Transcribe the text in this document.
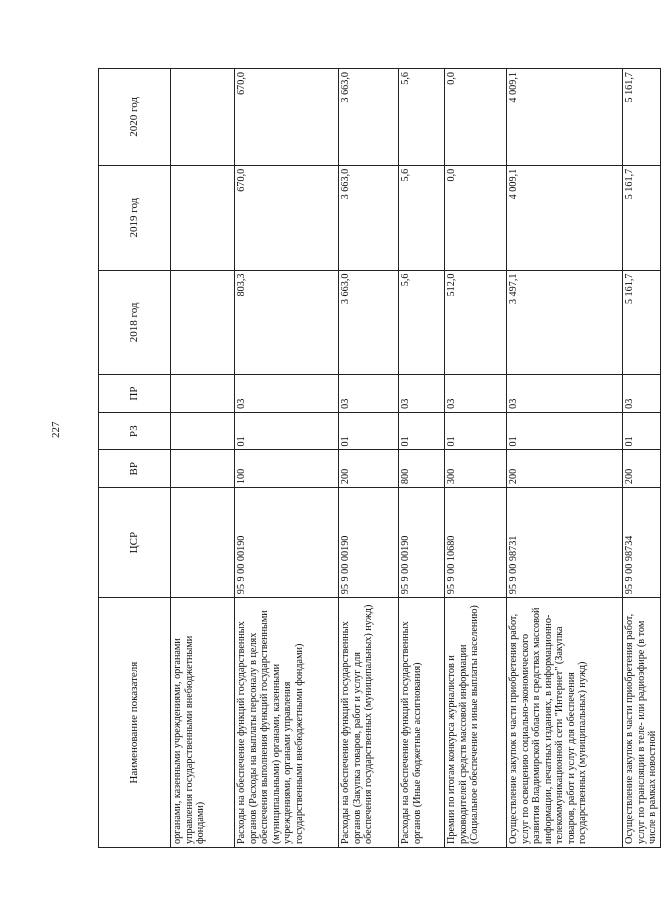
227
Наименование показателя	ЦСР	ВР	РЗ	ПР	2018 год	2019 год	2020 год
органами, казенными учреждениями, органами управления государственными внебюджетными фондами)							
Расходы на обеспечение функций государственных органов (Расходы на выплаты персоналу в целях обеспечения выполнения функций государственными (муниципальными) органами, казенными учреждениями, органами управления государственными внебюджетными фондами)	95 9 00 00190	100	01	03	803,3	670,0	670,0
Расходы на обеспечение функций государственных органов (Закупка товаров, работ и услуг для обеспечения государственных (муниципальных) нужд)	95 9 00 00190	200	01	03	3 663,0	3 663,0	3 663,0
Расходы на обеспечение функций государственных органов (Иные бюджетные ассигнования)	95 9 00 00190	800	01	03	5,6	5,6	5,6
Премии по итогам конкурса журналистов и руководителей средств массовой информации (Социальное обеспечение и иные выплаты населению)	95 9 00 10680	300	01	03	512,0	0,0	0,0
Осуществление закупок в части приобретения работ, услуг по освещению социально-экономического развития Владимирской области в средствах массовой информации, печатных изданиях, в информационно-телекоммуникационной сети "Интернет" (Закупка товаров, работ и услуг для обеспечения государственных (муниципальных) нужд)	95 9 00 98731	200	01	03	3 497,1	4 009,1	4 009,1
Осуществление закупок в части приобретения работ, услуг по трансляции в теле- или радиоэфире (в том числе в рамках новостной	95 9 00 98734	200	01	03	5 161,7	5 161,7	5 161,7
